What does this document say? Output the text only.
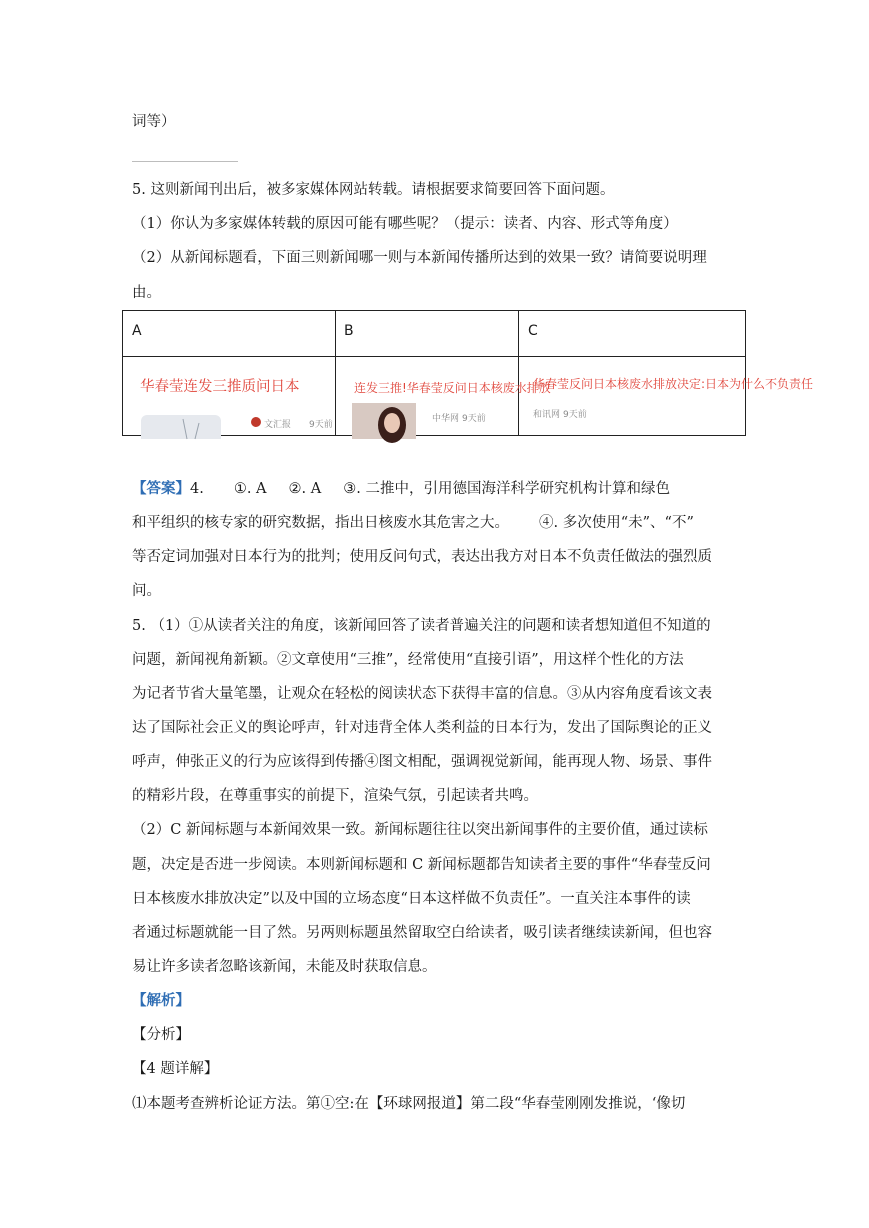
词等）
5. 这则新闻刊出后，被多家媒体网站转载。请根据要求简要回答下面问题。
（1）你认为多家媒体转载的原因可能有哪些呢？（提示：读者、内容、形式等角度）
（2）从新闻标题看，下面三则新闻哪一则与本新闻传播所达到的效果一致？请简要说明理
由。
A	B	C
华春莹连发三推质问日本
文汇报 9天前
连发三推!华春莹反问日本核废水排放
中华网 9天前
华春莹反问日本核废水排放决定:日本为什么不负责任
和讯网 9天前
【答案】4. ①. A ②. A ③. 二推中，引用德国海洋科学研究机构计算和绿色
和平组织的核专家的研究数据，指出日核废水其危害之大。 ④. 多次使用“未”、“不”
等否定词加强对日本行为的批判；使用反问句式，表达出我方对日本不负责任做法的强烈质
问。
5. （1）①从读者关注的角度，该新闻回答了读者普遍关注的问题和读者想知道但不知道的
问题，新闻视角新颖。②文章使用“三推”，经常使用“直接引语”，用这样个性化的方法
为记者节省大量笔墨，让观众在轻松的阅读状态下获得丰富的信息。③从内容角度看该文表
达了国际社会正义的舆论呼声，针对违背全体人类利益的日本行为，发出了国际舆论的正义
呼声，伸张正义的行为应该得到传播④图文相配，强调视觉新闻，能再现人物、场景、事件
的精彩片段，在尊重事实的前提下，渲染气氛，引起读者共鸣。
（2）C 新闻标题与本新闻效果一致。新闻标题往往以突出新闻事件的主要价值，通过读标
题，决定是否进一步阅读。本则新闻标题和 C 新闻标题都告知读者主要的事件“华春莹反问
日本核废水排放决定”以及中国的立场态度“日本这样做不负责任”。一直关注本事件的读
者通过标题就能一目了然。另两则标题虽然留取空白给读者，吸引读者继续读新闻，但也容
易让许多读者忽略该新闻，未能及时获取信息。
【解析】
【分析】
【4 题详解】
⑴本题考查辨析论证方法。第①空:在【环球网报道】第二段“华春莹刚刚发推说，‘像切
